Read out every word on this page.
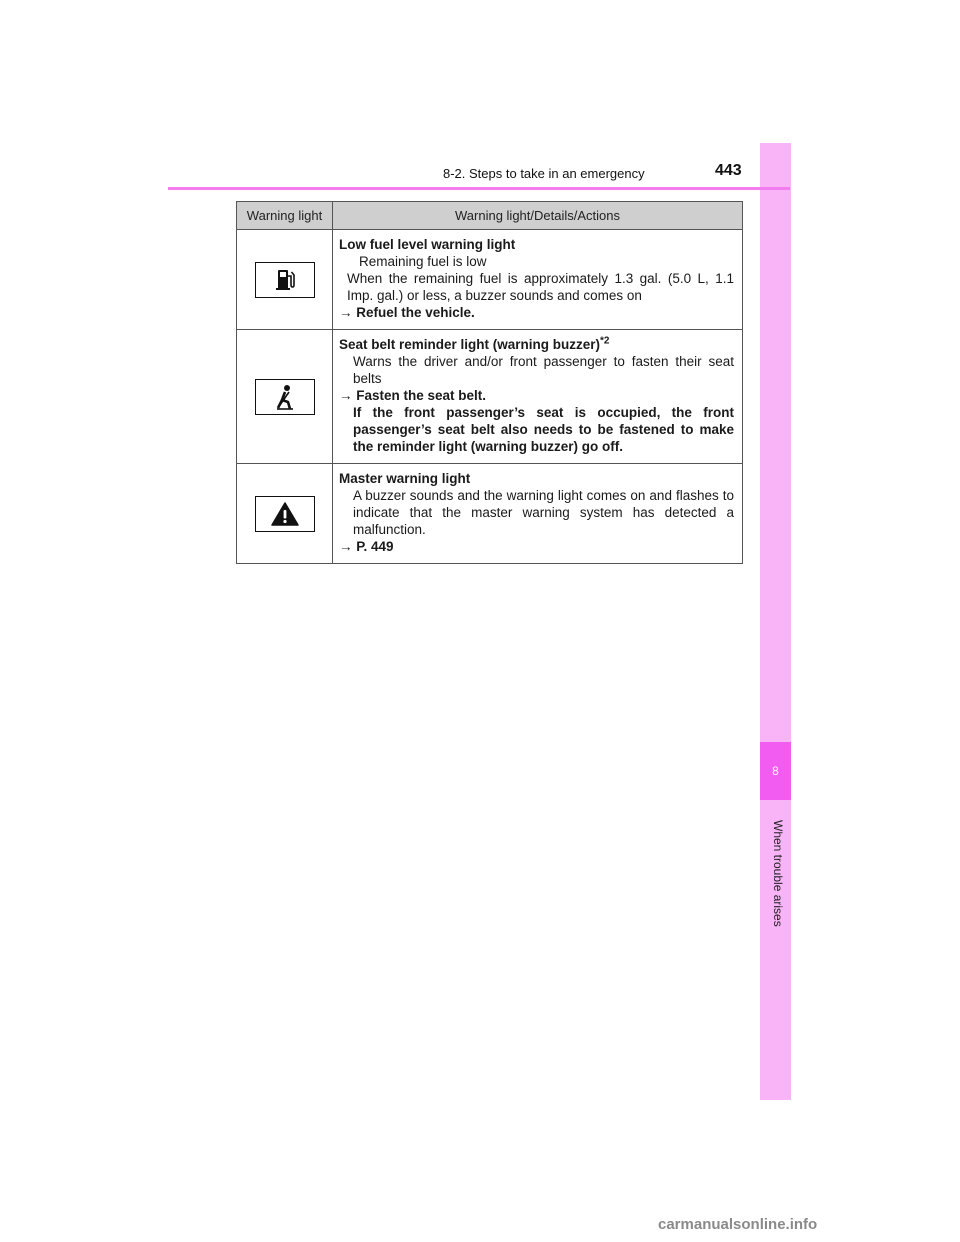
8
When trouble arises
8-2. Steps to take in an emergency	443
Warning light	Warning light/Details/Actions

Low fuel level warning light
Remaining fuel is low
When the remaining fuel is approximately 1.3 gal. (5.0 L, 1.1 Imp. gal.) or less, a buzzer sounds and comes on
→ Refuel the vehicle.

Seat belt reminder light (warning buzzer)$^{*2}$
Warns the driver and/or front passenger to fasten their seat belts
→ Fasten the seat belt.
If the front passenger’s seat is occupied, the front passenger’s seat belt also needs to be fastened to make the reminder light (warning buzzer) go off.

Master warning light
A buzzer sounds and the warning light comes on and flashes to indicate that the master warning system has detected a malfunction.
→ P. 449
carmanualsonline.info
